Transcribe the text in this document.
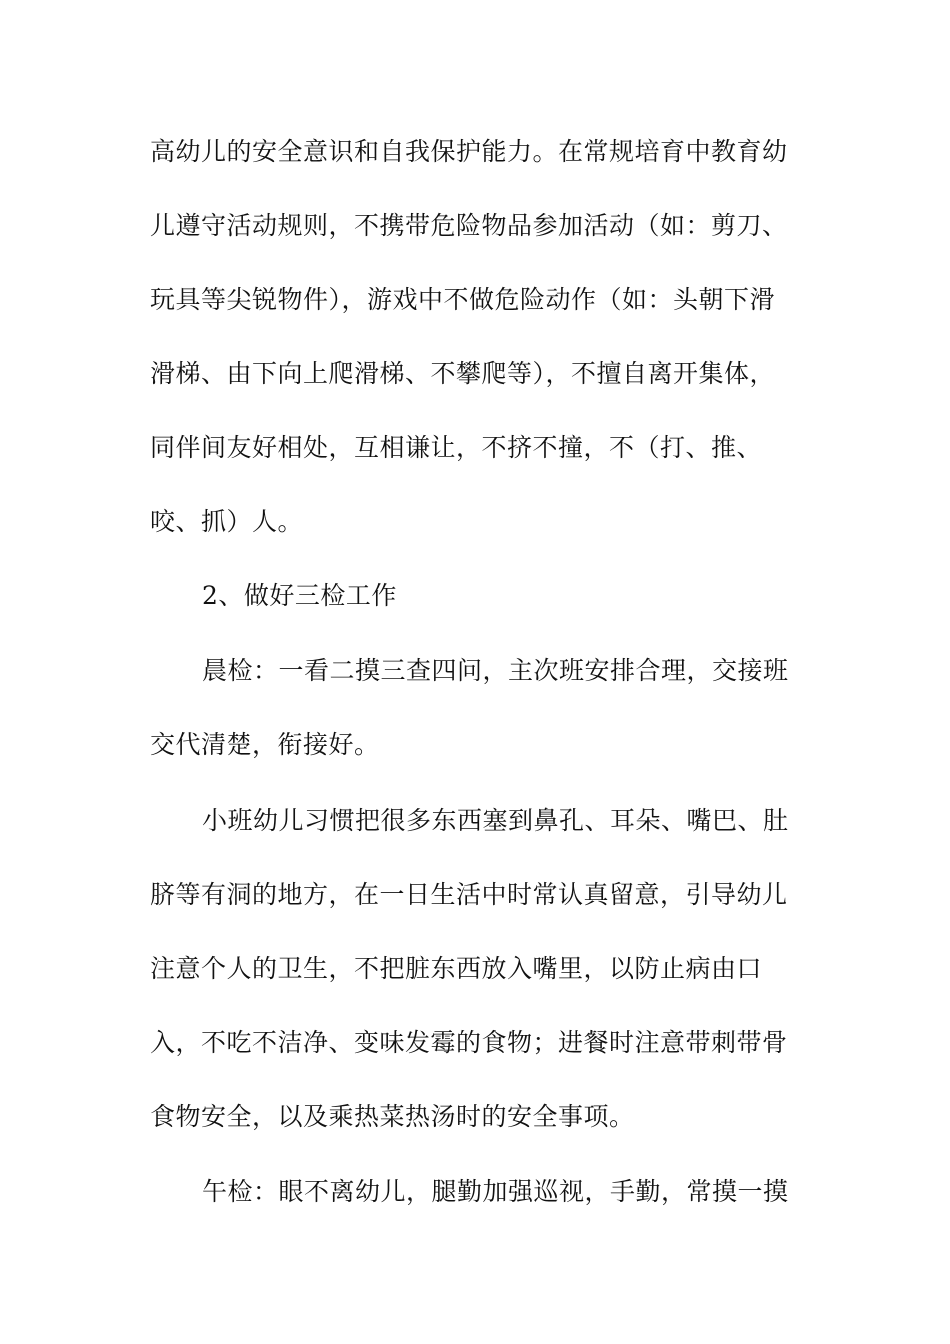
高幼儿的安全意识和自我保护能力。在常规培育中教育幼
儿遵守活动规则，不携带危险物品参加活动（如：剪刀、
玩具等尖锐物件），游戏中不做危险动作（如：头朝下滑
滑梯、由下向上爬滑梯、不攀爬等），不擅自离开集体，
同伴间友好相处，互相谦让，不挤不撞，不（打、推、
咬、抓）人。
2、做好三检工作
晨检：一看二摸三查四问，主次班安排合理，交接班
交代清楚，衔接好。
小班幼儿习惯把很多东西塞到鼻孔、耳朵、嘴巴、肚
脐等有洞的地方，在一日生活中时常认真留意，引导幼儿
注意个人的卫生，不把脏东西放入嘴里，以防止病由口
入，不吃不洁净、变味发霉的食物；进餐时注意带刺带骨
食物安全，以及乘热菜热汤时的安全事项。
午检：眼不离幼儿，腿勤加强巡视，手勤，常摸一摸
